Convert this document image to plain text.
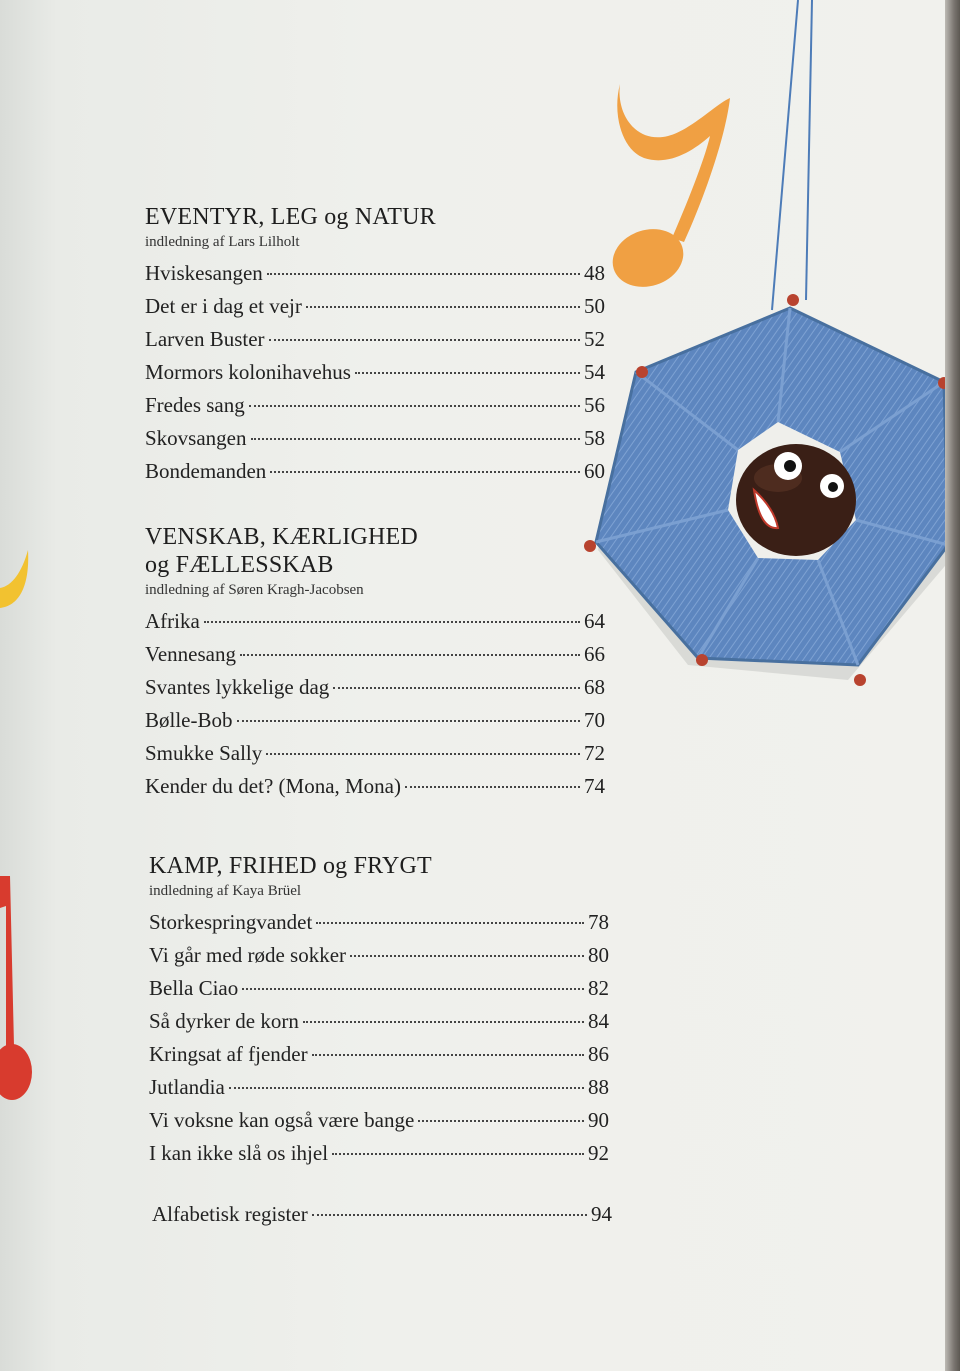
EVENTYR, LEG og NATUR
indledning af Lars Lilholt
Hviskesangen	48
Det er i dag et vejr	50
Larven Buster	52
Mormors kolonihavehus	54
Fredes sang	56
Skovsangen	58
Bondemanden	60
VENSKAB, KÆRLIGHED
og FÆLLESSKAB
indledning af Søren Kragh-Jacobsen
Afrika	64
Vennesang	66
Svantes lykkelige dag	68
Bølle-Bob	70
Smukke Sally	72
Kender du det? (Mona, Mona)	74
KAMP, FRIHED og FRYGT
indledning af Kaya Brüel
Storkespringvandet	78
Vi går med røde sokker	80
Bella Ciao	82
Så dyrker de korn	84
Kringsat af fjender	86
Jutlandia	88
Vi voksne kan også være bange	90
I kan ikke slå os ihjel	92
Alfabetisk register	94
